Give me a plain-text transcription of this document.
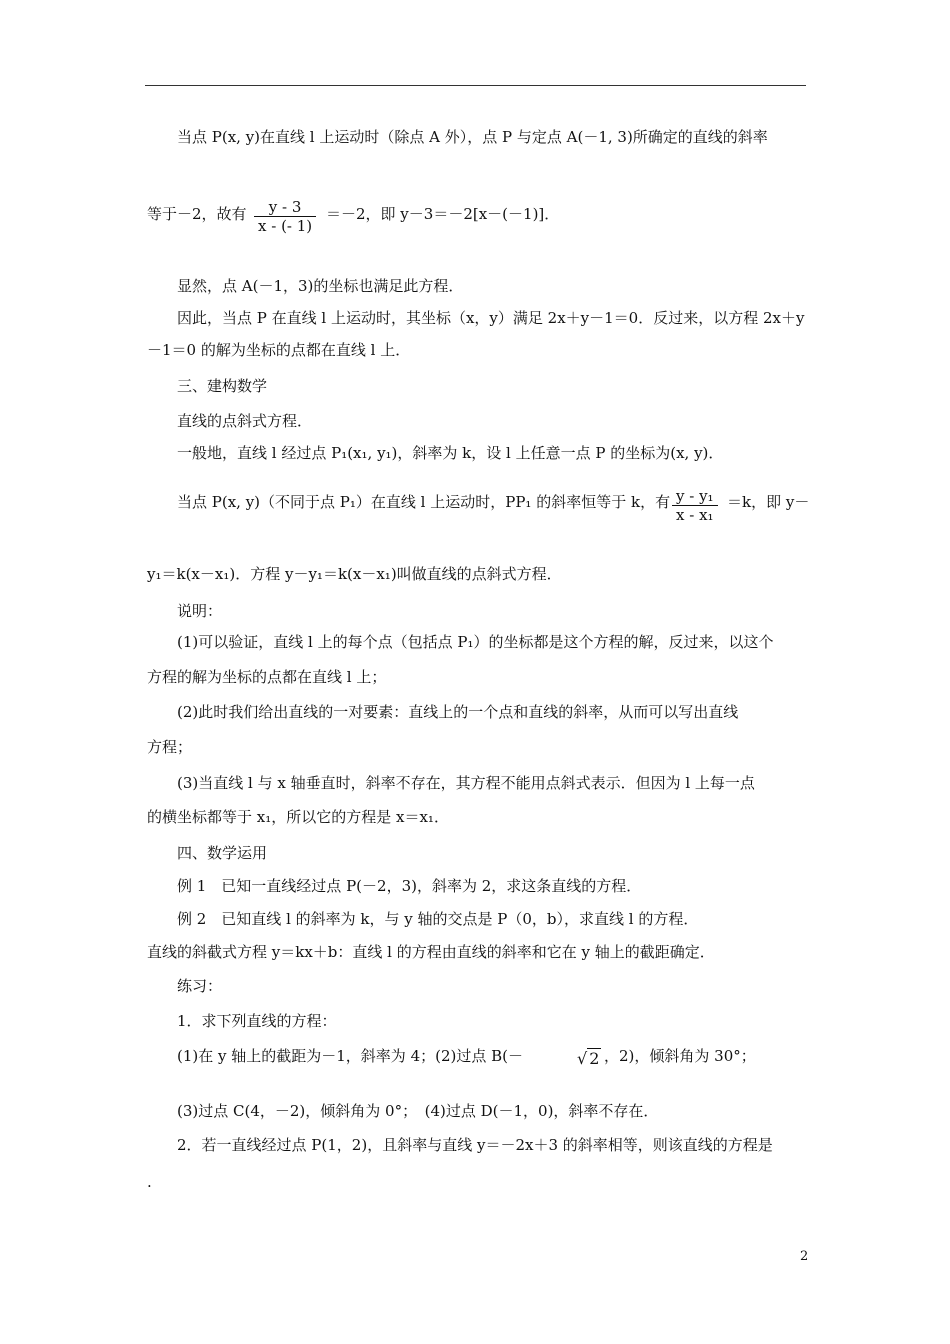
当点 P(x, y)在直线 l 上运动时（除点 A 外），点 P 与定点 A(－1, 3)所确定的直线的斜率
等于－2，故有 $\frac{y - 3}{x - (- 1)} =-2$，即 y－3＝－2[x－(－1)]．
显然，点 A(－1，3)的坐标也满足此方程．
因此，当点 P 在直线 l 上运动时，其坐标（x，y）满足 2x＋y－1＝0．反过来，以方程 2x＋y
－1＝0 的解为坐标的点都在直线 l 上．
三、建构数学
直线的点斜式方程．
一般地，直线 l 经过点 P₁(x₁, y₁)，斜率为 k，设 l 上任意一点 P 的坐标为(x, y)．
当点 P(x, y)（不同于点 P₁）在直线 l 上运动时，PP₁ 的斜率恒等于 k，有 $\frac{\text{y - y₁}}{\text{x - x₁}} =k$，即 y－
y₁＝k(x－x₁)．方程 y－y₁＝k(x－x₁)叫做直线的点斜式方程．
说明：
(1)可以验证，直线 l 上的每个点（包括点 P₁）的坐标都是这个方程的解，反过来，以这个
方程的解为坐标的点都在直线 l 上；
(2)此时我们给出直线的一对要素：直线上的一个点和直线的斜率，从而可以写出直线
方程；
(3)当直线 l 与 x 轴垂直时，斜率不存在，其方程不能用点斜式表示．但因为 l 上每一点
的横坐标都等于 x₁，所以它的方程是 x＝x₁．
四、数学运用
例 1　已知一直线经过点 P(－2，3)，斜率为 2，求这条直线的方程．
例 2　已知直线 l 的斜率为 k，与 y 轴的交点是 P（0，b），求直线 l 的方程．
直线的斜截式方程 y＝kx＋b：直线 l 的方程由直线的斜率和它在 y 轴上的截距确定．
练习：
1．求下列直线的方程：
(1)在 y 轴上的截距为－1，斜率为 4；(2)过点 B(－	√ 2 ，2)，倾斜角为 30°；
(3)过点 C(4，－2)，倾斜角为 0°；　(4)过点 D(－1，0)，斜率不存在．
2．若一直线经过点 P(1，2)，且斜率与直线 y＝－2x＋3 的斜率相等，则该直线的方程是
.
2
